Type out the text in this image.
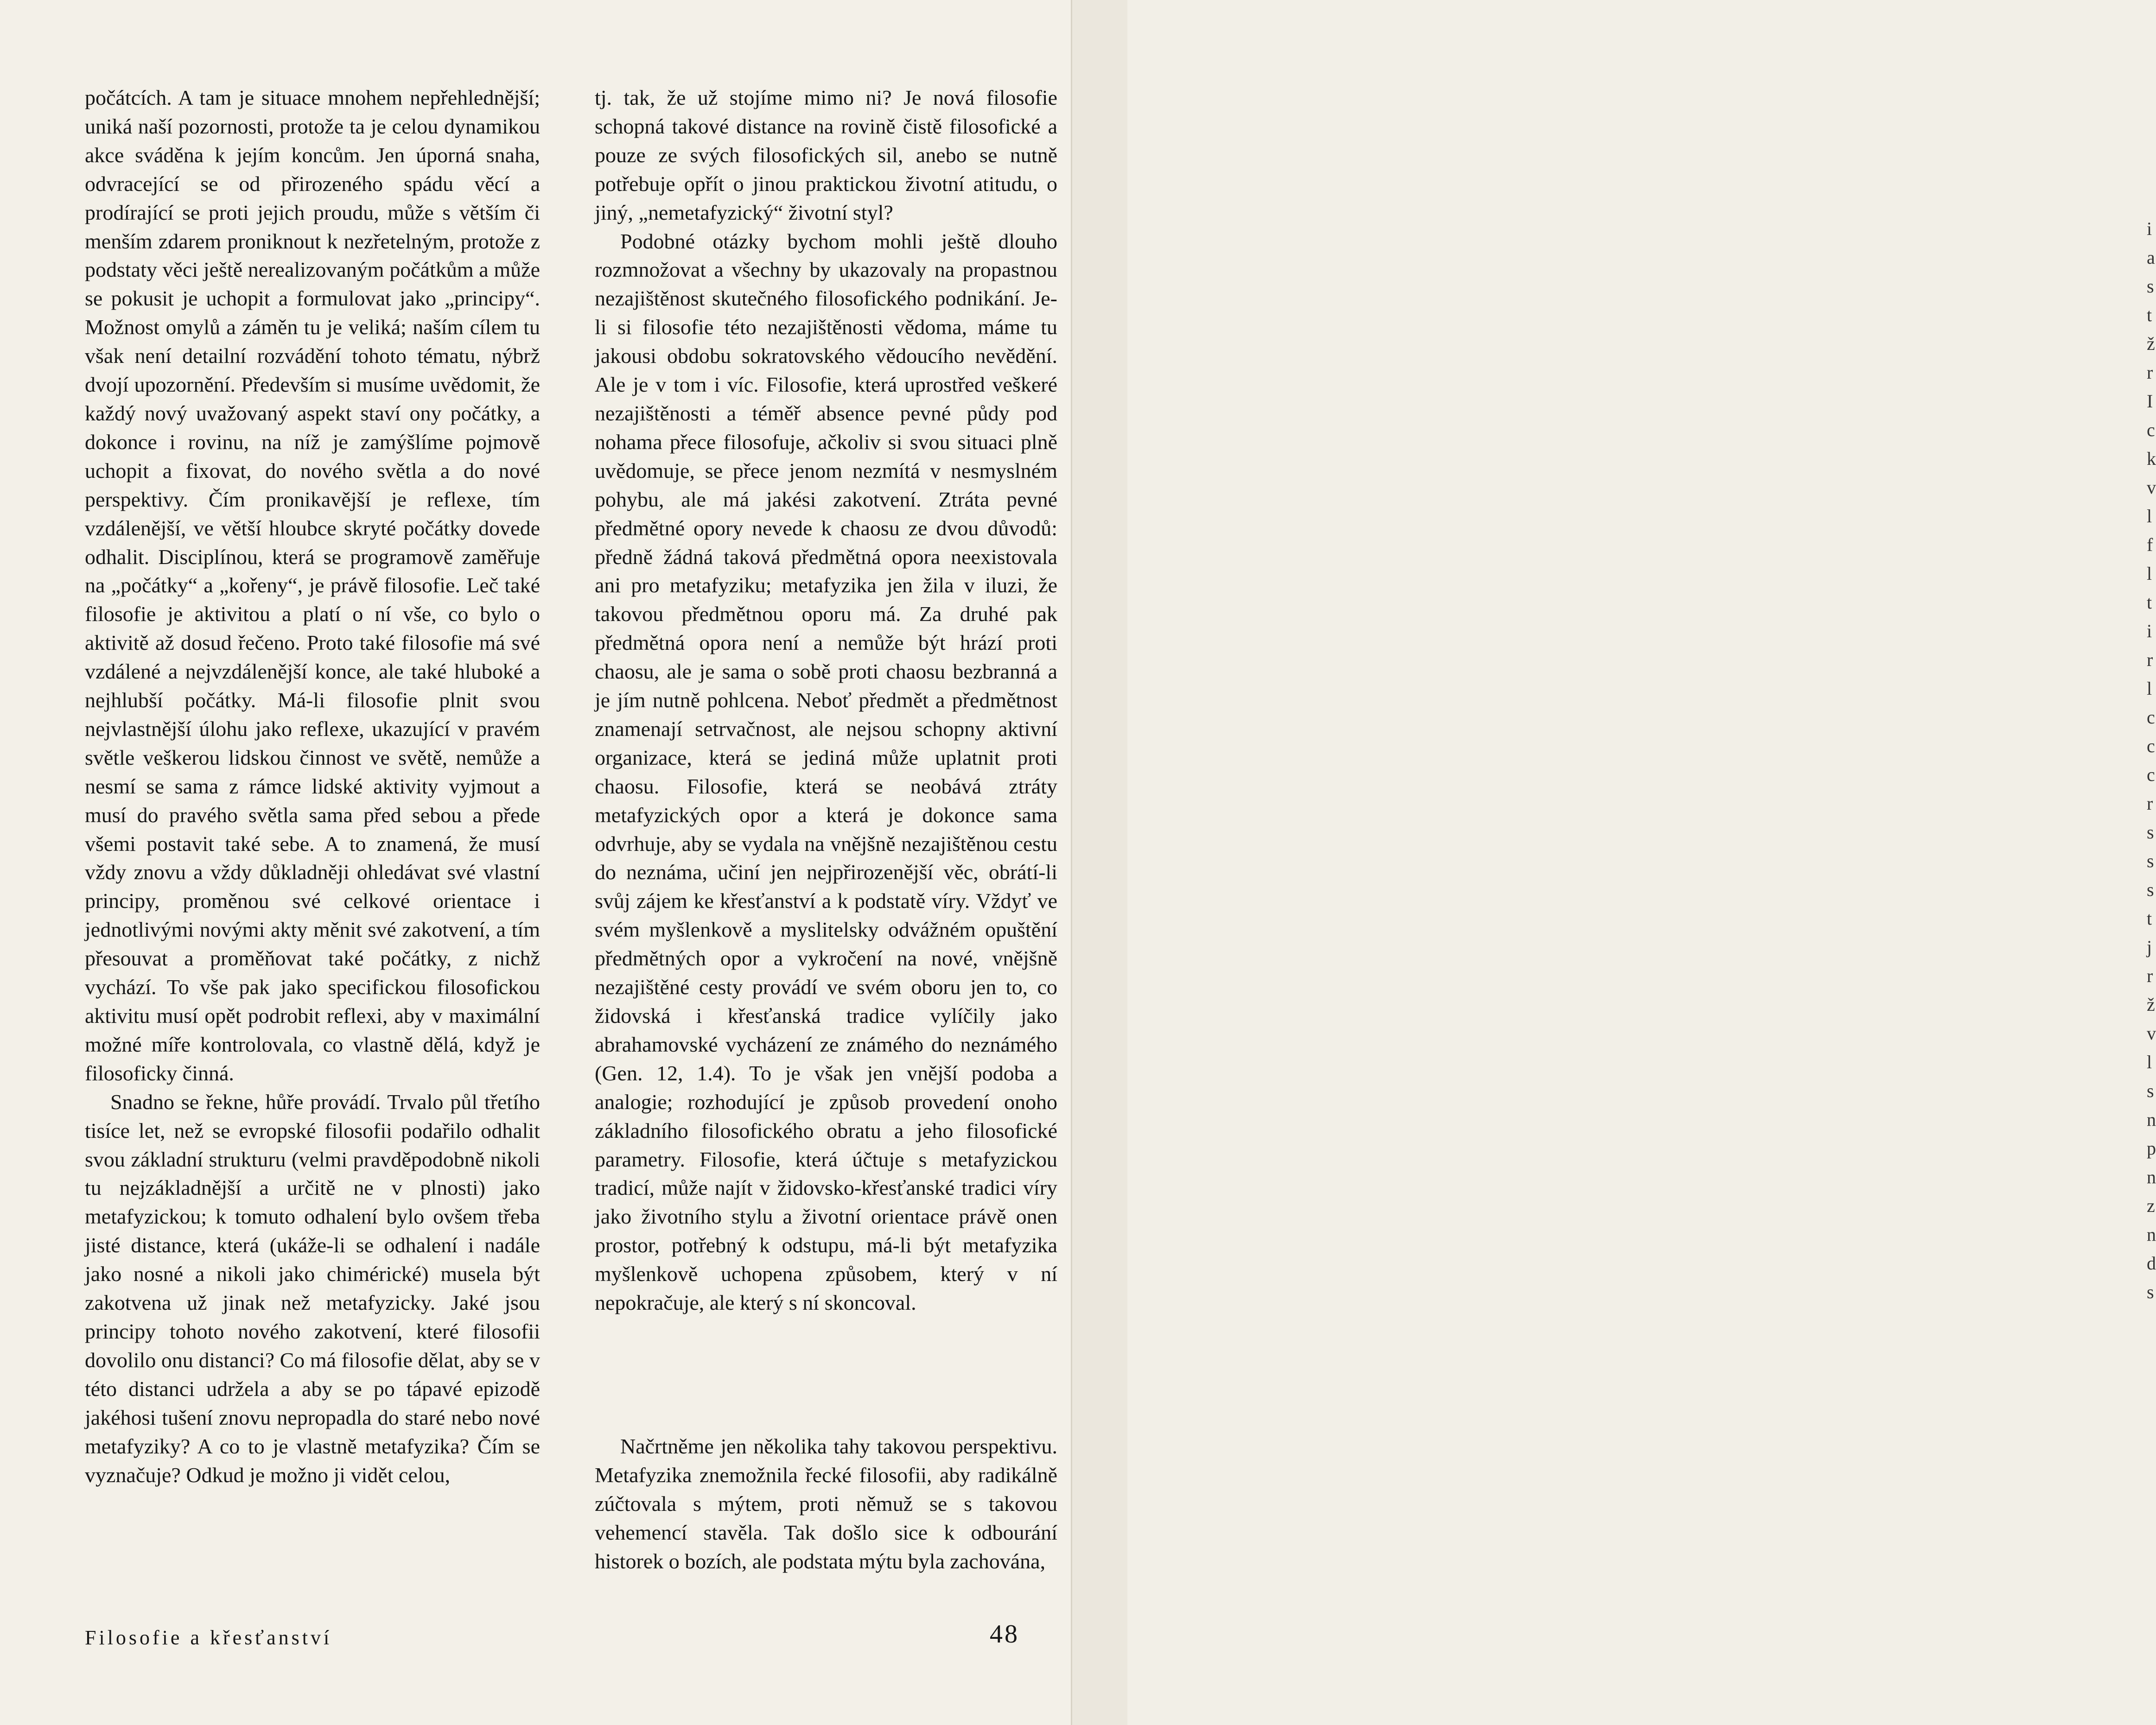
počátcích. A tam je situace mnohem nepřehlednější; uniká naší pozornosti, protože ta je celou dynamikou akce sváděna k jejím koncům. Jen úporná snaha, odvracející se od přirozeného spádu věcí a prodírající se proti jejich proudu, může s větším či menším zdarem proniknout k nezřetelným, protože z podstaty věci ještě nerealizovaným počátkům a může se pokusit je uchopit a formulovat jako „principy“. Možnost omylů a záměn tu je veliká; naším cílem tu však není detailní rozvádění tohoto tématu, nýbrž dvojí upozornění. Především si musíme uvědomit, že každý nový uvažovaný aspekt staví ony počátky, a dokonce i rovinu, na níž je zamýšlíme pojmově uchopit a fixovat, do nového světla a do nové perspektivy. Čím pronikavější je reflexe, tím vzdálenější, ve větší hloubce skryté počátky dovede odhalit. Disciplínou, která se programově zaměřuje na „počátky“ a „kořeny“, je právě filosofie. Leč také filosofie je aktivitou a platí o ní vše, co bylo o aktivitě až dosud řečeno. Proto také filosofie má své vzdálené a nejvzdálenější konce, ale také hluboké a nejhlubší počátky. Má-li filosofie plnit svou nejvlastnější úlohu jako reflexe, ukazující v pravém světle veškerou lidskou činnost ve světě, nemůže a nesmí se sama z rámce lidské aktivity vyjmout a musí do pravého světla sama před sebou a přede všemi postavit také sebe. A to znamená, že musí vždy znovu a vždy důkladněji ohledávat své vlastní principy, proměnou své celkové orientace i jednotlivými novými akty měnit své zakotvení, a tím přesouvat a proměňovat také počátky, z nichž vychází. To vše pak jako specifickou filosofickou aktivitu musí opět podrobit reflexi, aby v maximální možné míře kontrolovala, co vlastně dělá, když je filosoficky činná.

Snadno se řekne, hůře provádí. Trvalo půl třetího tisíce let, než se evropské filosofii podařilo odhalit svou základní strukturu (velmi pravděpodobně nikoli tu nejzákladnější a určitě ne v plnosti) jako metafyzickou; k tomuto odhalení bylo ovšem třeba jisté distance, která (ukáže-li se odhalení i nadále jako nosné a nikoli jako chimérické) musela být zakotvena už jinak než metafyzicky. Jaké jsou principy tohoto nového zakotvení, které filosofii dovolilo onu distanci? Co má filosofie dělat, aby se v této distanci udržela a aby se po tápavé epizodě jakéhosi tušení znovu nepropadla do staré nebo nové metafyziky? A co to je vlastně metafyzika? Čím se vyznačuje? Odkud je možno ji vidět celou,

tj. tak, že už stojíme mimo ni? Je nová filosofie schopná takové distance na rovině čistě filosofické a pouze ze svých filosofických sil, anebo se nutně potřebuje opřít o jinou praktickou životní atitudu, o jiný, „nemetafyzický“ životní styl?

Podobné otázky bychom mohli ještě dlouho rozmnožovat a všechny by ukazovaly na propastnou nezajištěnost skutečného filosofického podnikání. Je-li si filosofie této nezajištěnosti vědoma, máme tu jakousi obdobu sokratovského vědoucího nevědění. Ale je v tom i víc. Filosofie, která uprostřed veškeré nezajištěnosti a téměř absence pevné půdy pod nohama přece filosofuje, ačkoliv si svou situaci plně uvědomuje, se přece jenom nezmítá v nesmyslném pohybu, ale má jakési zakotvení. Ztráta pevné předmětné opory nevede k chaosu ze dvou důvodů: předně žádná taková předmětná opora neexistovala ani pro metafyziku; metafyzika jen žila v iluzi, že takovou předmětnou oporu má. Za druhé pak předmětná opora není a nemůže být hrází proti chaosu, ale je sama o sobě proti chaosu bezbranná a je jím nutně pohlcena. Neboť předmět a předmětnost znamenají setrvačnost, ale nejsou schopny aktivní organizace, která se jediná může uplatnit proti chaosu. Filosofie, která se neobává ztráty metafyzických opor a která je dokonce sama odvrhuje, aby se vydala na vnějšně nezajištěnou cestu do neznáma, učiní jen nejpřirozenější věc, obrátí-li svůj zájem ke křesťanství a k podstatě víry. Vždyť ve svém myšlenkově a myslitelsky odvážném opuštění předmětných opor a vykročení na nové, vnějšně nezajištěné cesty provádí ve svém oboru jen to, co židovská i křesťanská tradice vylíčily jako abrahamovské vycházení ze známého do neznámého (Gen. 12, 1.4). To je však jen vnější podoba a analogie; rozhodující je způsob provedení onoho základního filosofického obratu a jeho filosofické parametry. Filosofie, která účtuje s metafyzickou tradicí, může najít v židovsko-křesťanské tradici víry jako životního stylu a životní orientace právě onen prostor, potřebný k odstupu, má-li být metafyzika myšlenkově uchopena způsobem, který v ní nepokračuje, ale který s ní skoncoval.

Načrtněme jen několika tahy takovou perspektivu. Metafyzika znemožnila řecké filosofii, aby radikálně zúčtovala s mýtem, proti němuž se s takovou vehemencí stavěla. Tak došlo sice k odbourání historek o bozích, ale podstata mýtu byla zachována,

Filosofie a křesťanství	48
i
a
s
t
ž
r
I
c
k
v
l
f
l
t
i
r
l
c
c
c
r
s
s
s
t
j
r
ž
v
l
s
n
p
n
z
n
d
s
